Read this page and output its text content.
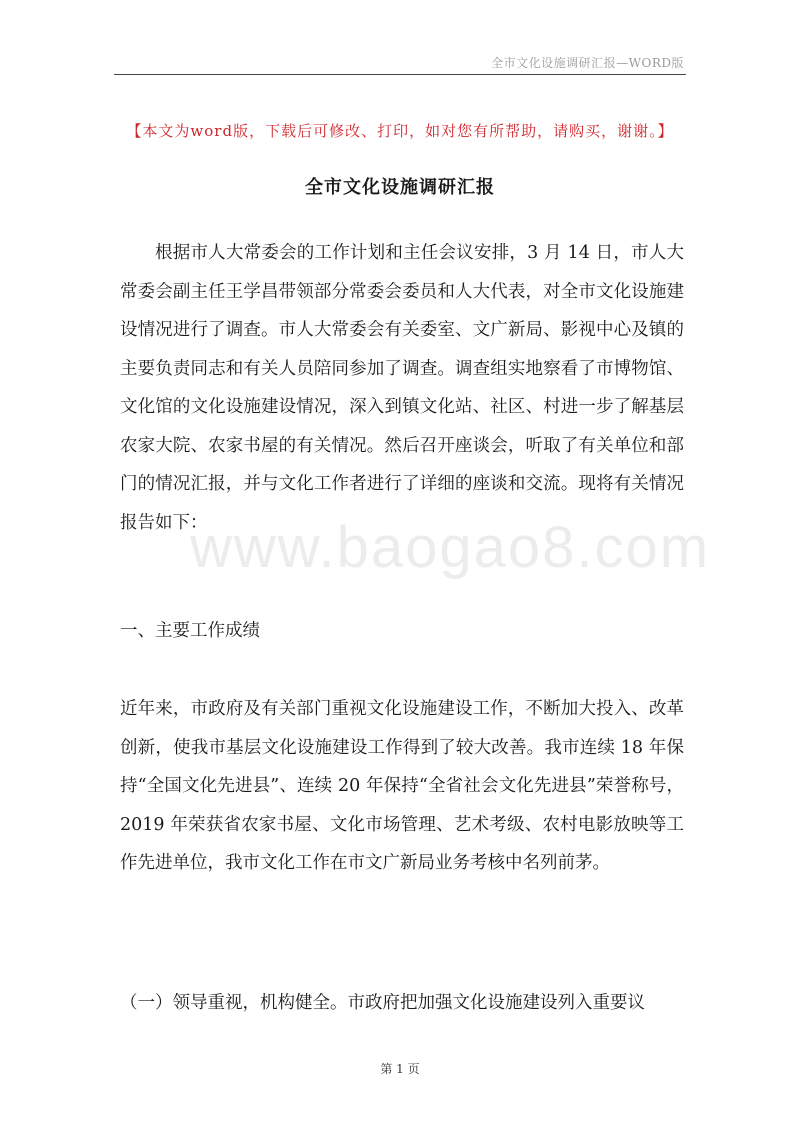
全市文化设施调研汇报—WORD版
【本文为word版，下载后可修改、打印，如对您有所帮助，请购买，谢谢。】
全市文化设施调研汇报
www.baogao8.com
根据市人大常委会的工作计划和主任会议安排，3 月 14 日，市人大常委会副主任王学昌带领部分常委会委员和人大代表，对全市文化设施建设情况进行了调查。市人大常委会有关委室、文广新局、影视中心及镇的主要负责同志和有关人员陪同参加了调查。调查组实地察看了市博物馆、文化馆的文化设施建设情况，深入到镇文化站、社区、村进一步了解基层农家大院、农家书屋的有关情况。然后召开座谈会，听取了有关单位和部门的情况汇报，并与文化工作者进行了详细的座谈和交流。现将有关情况报告如下：
一、主要工作成绩
近年来，市政府及有关部门重视文化设施建设工作，不断加大投入、改革创新，使我市基层文化设施建设工作得到了较大改善。我市连续 18 年保持“全国文化先进县”、连续 20 年保持“全省社会文化先进县”荣誉称号，2019 年荣获省农家书屋、文化市场管理、艺术考级、农村电影放映等工作先进单位，我市文化工作在市文广新局业务考核中名列前茅。
（一）领导重视，机构健全。市政府把加强文化设施建设列入重要议
第 1 页
